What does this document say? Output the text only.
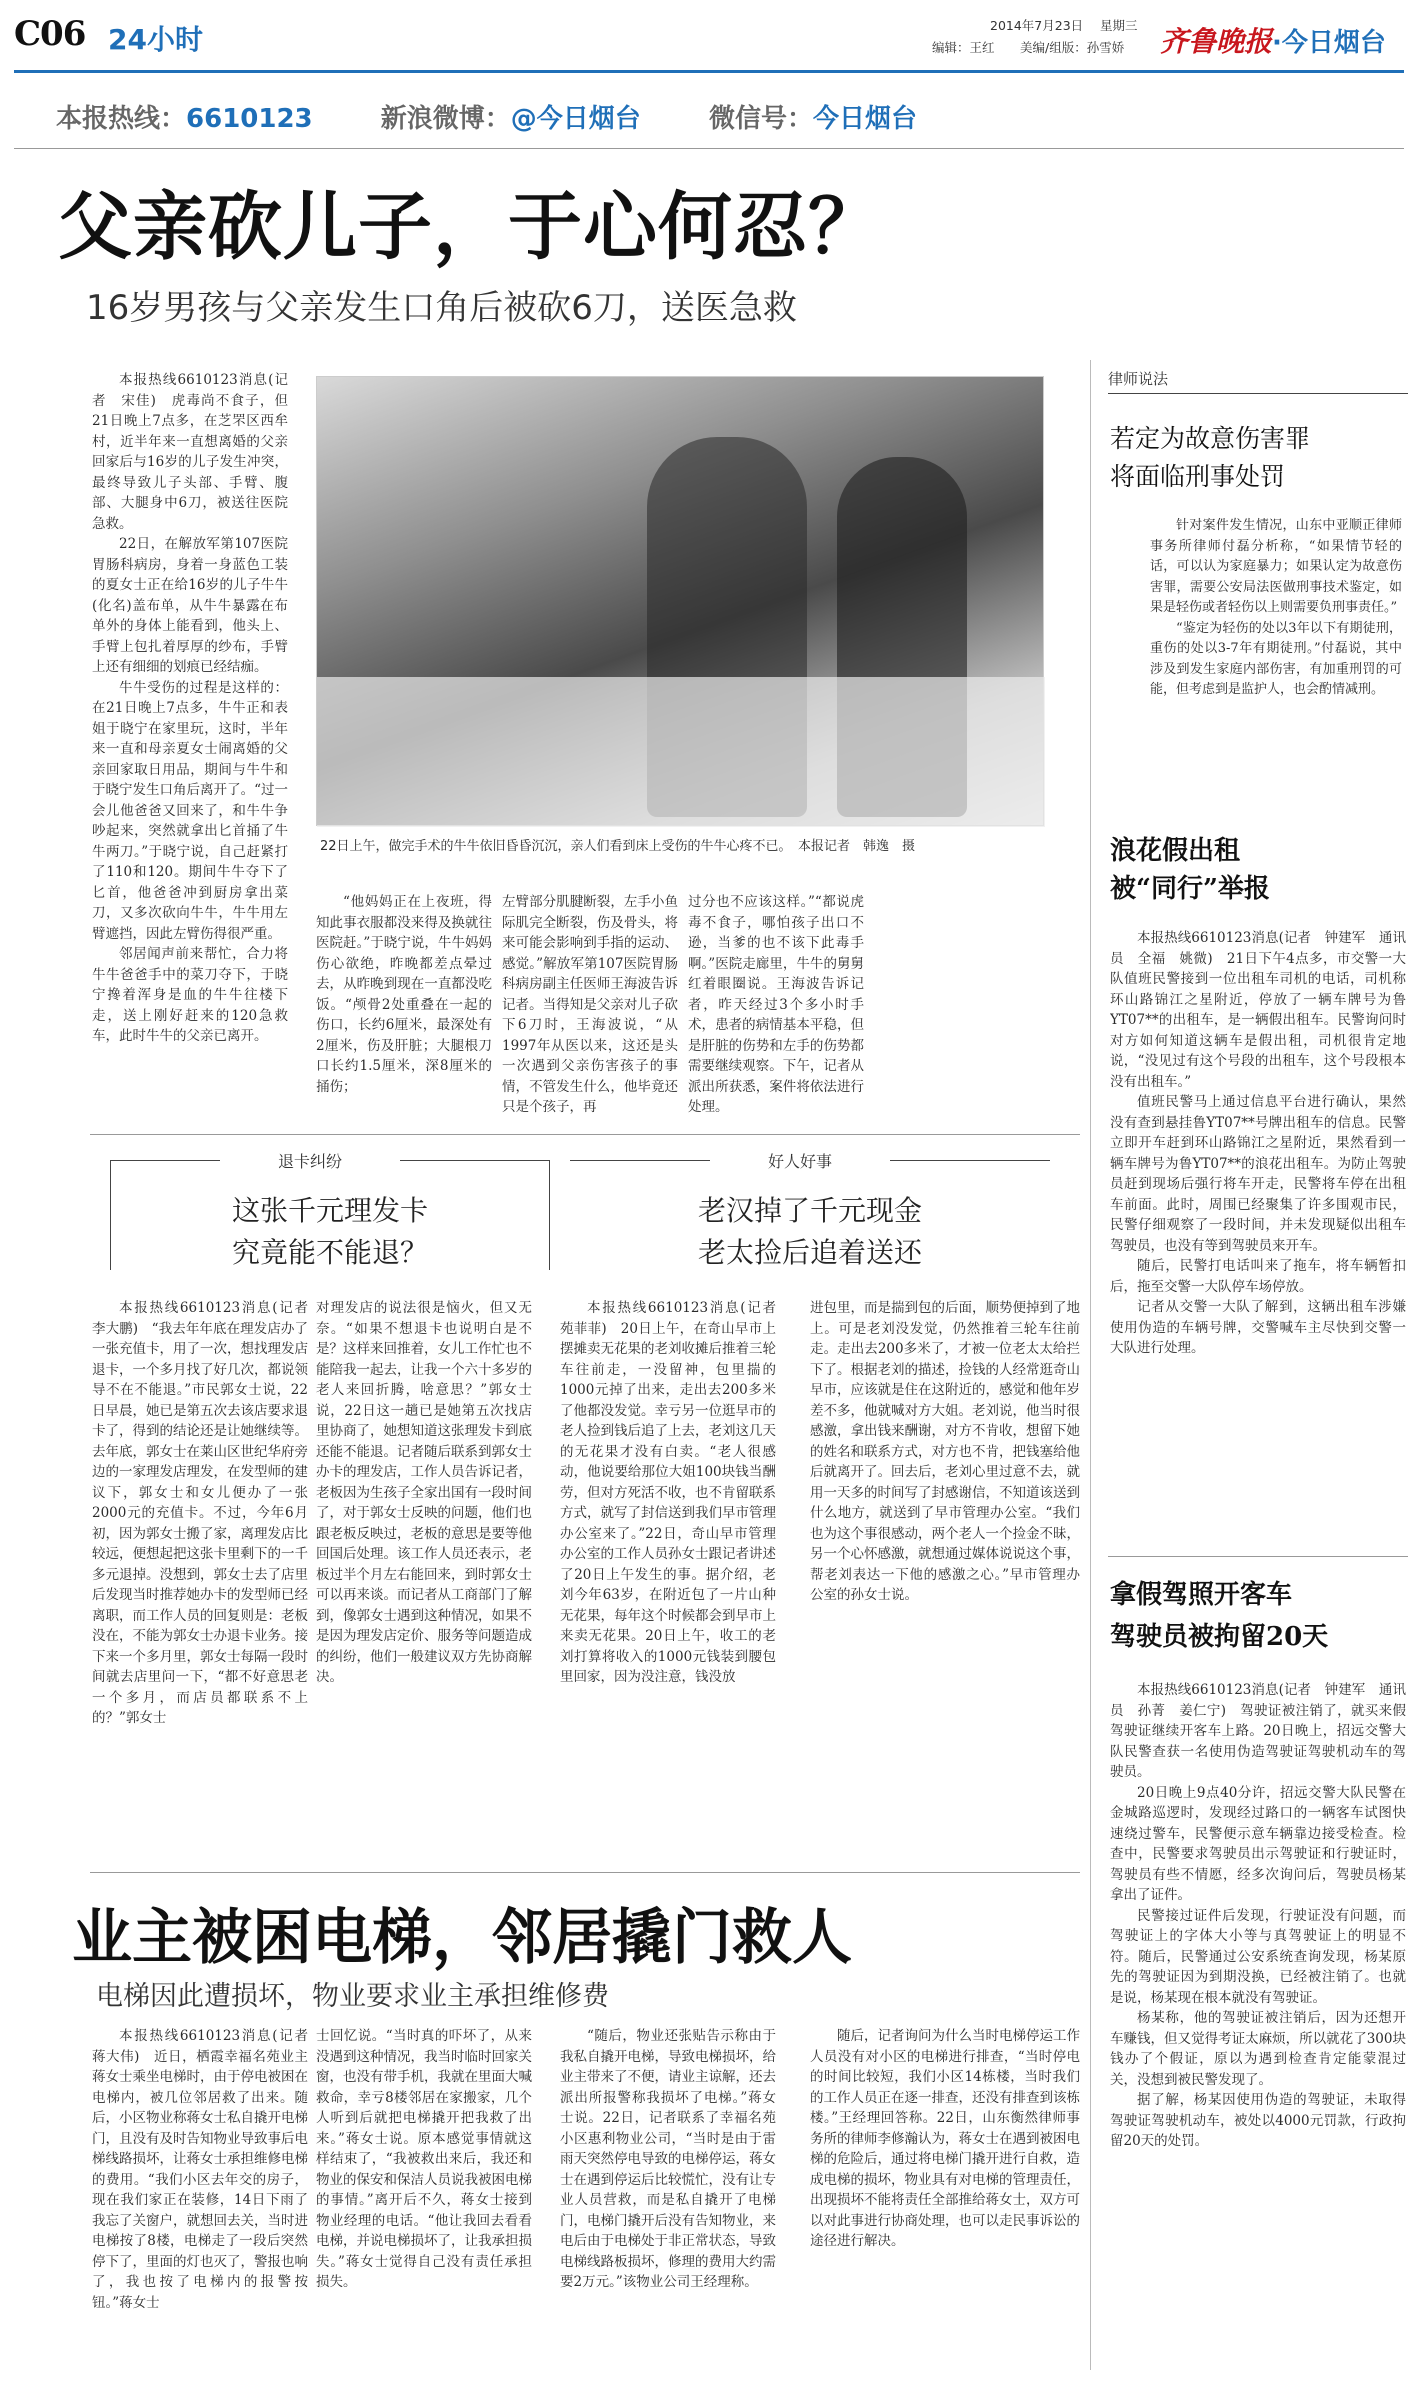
C06 24小时	2014年7月23日 星期三
编辑：王红 美编/组版：孙雪娇 齐鲁晚报 ·今日烟台
本报热线：6610123	新浪微博：@今日烟台	微信号：今日烟台
父亲砍儿子，于心何忍？
16岁男孩与父亲发生口角后被砍6刀，送医急救

本报热线6610123消息(记者　宋佳)　虎毒尚不食子，但21日晚上7点多，在芝罘区西牟村，近半年来一直想离婚的父亲回家后与16岁的儿子发生冲突，最终导致儿子头部、手臂、腹部、大腿身中6刀，被送往医院急救。

22日，在解放军第107医院胃肠科病房，身着一身蓝色工装的夏女士正在给16岁的儿子牛牛(化名)盖布单，从牛牛暴露在布单外的身体上能看到，他头上、手臂上包扎着厚厚的纱布，手臂上还有细细的划痕已经结痂。

牛牛受伤的过程是这样的：在21日晚上7点多，牛牛正和表姐于晓宁在家里玩，这时，半年来一直和母亲夏女士闹离婚的父亲回家取日用品，期间与牛牛和于晓宁发生口角后离开了。“过一会儿他爸爸又回来了，和牛牛争吵起来，突然就拿出匕首捅了牛牛两刀。”于晓宁说，自己赶紧打了110和120。期间牛牛夺下了匕首，他爸爸冲到厨房拿出菜刀，又多次砍向牛牛，牛牛用左臂遮挡，因此左臂伤得很严重。

邻居闻声前来帮忙，合力将牛牛爸爸手中的菜刀夺下，于晓宁搀着浑身是血的牛牛往楼下走，送上刚好赶来的120急救车，此时牛牛的父亲已离开。

22日上午，做完手术的牛牛依旧昏昏沉沉，亲人们看到床上受伤的牛牛心疼不已。　本报记者　韩逸　摄

“他妈妈正在上夜班，得知此事衣服都没来得及换就往医院赶。”于晓宁说，牛牛妈妈伤心欲绝，昨晚都差点晕过去，从昨晚到现在一直都没吃饭。“颅骨2处重叠在一起的伤口，长约6厘米，最深处有2厘米，伤及肝脏；大腿根刀口长约1.5厘米，深8厘米的捅伤；

左臂部分肌腱断裂，左手小鱼际肌完全断裂，伤及骨头，将来可能会影响到手指的运动、感觉。”解放军第107医院胃肠科病房副主任医师王海波告诉记者。当得知是父亲对儿子砍下6刀时，王海波说，“从1997年从医以来，这还是头一次遇到父亲伤害孩子的事情，不管发生什么，他毕竟还只是个孩子，再

过分也不应该这样。”“都说虎毒不食子，哪怕孩子出口不逊，当爹的也不该下此毒手啊。”医院走廊里，牛牛的舅舅红着眼圈说。王海波告诉记者，昨天经过3个多小时手术，患者的病情基本平稳，但是肝脏的伤势和左手的伤势都需要继续观察。下午，记者从派出所获悉，案件将依法进行处理。

律师说法
若定为故意伤害罪
将面临刑事处罚

针对案件发生情况，山东中亚顺正律师事务所律师付磊分析称，“如果情节轻的话，可以认为家庭暴力；如果认定为故意伤害罪，需要公安局法医做刑事技术鉴定，如果是轻伤或者轻伤以上则需要负刑事责任。”

“鉴定为轻伤的处以3年以下有期徒刑，重伤的处以3-7年有期徒刑。”付磊说，其中涉及到发生家庭内部伤害，有加重刑罚的可能，但考虑到是监护人，也会酌情减刑。

浪花假出租
被“同行”举报

本报热线6610123消息(记者　钟建军　通讯员　全福　姚微)　21日下午4点多，市交警一大队值班民警接到一位出租车司机的电话，司机称环山路锦江之星附近，停放了一辆车牌号为鲁YT07**的出租车，是一辆假出租车。民警询问时对方如何知道这辆车是假出租，司机很肯定地说，“没见过有这个号段的出租车，这个号段根本没有出租车。”

值班民警马上通过信息平台进行确认，果然没有查到悬挂鲁YT07**号牌出租车的信息。民警立即开车赶到环山路锦江之星附近，果然看到一辆车牌号为鲁YT07**的浪花出租车。为防止驾驶员赶到现场后强行将车开走，民警将车停在出租车前面。此时，周围已经聚集了许多围观市民，民警仔细观察了一段时间，并未发现疑似出租车驾驶员，也没有等到驾驶员来开车。

随后，民警打电话叫来了拖车，将车辆暂扣后，拖至交警一大队停车场停放。

记者从交警一大队了解到，这辆出租车涉嫌使用伪造的车辆号牌，交警喊车主尽快到交警一大队进行处理。

拿假驾照开客车
驾驶员被拘留20天

本报热线6610123消息(记者　钟建军　通讯员　孙菁　姜仁宁)　驾驶证被注销了，就买来假驾驶证继续开客车上路。20日晚上，招远交警大队民警查获一名使用伪造驾驶证驾驶机动车的驾驶员。

20日晚上9点40分许，招远交警大队民警在金城路巡逻时，发现经过路口的一辆客车试图快速绕过警车，民警便示意车辆靠边接受检查。检查中，民警要求驾驶员出示驾驶证和行驶证时，驾驶员有些不情愿，经多次询问后，驾驶员杨某拿出了证件。

民警接过证件后发现，行驶证没有问题，而驾驶证上的字体大小等与真驾驶证上的明显不符。随后，民警通过公安系统查询发现，杨某原先的驾驶证因为到期没换，已经被注销了。也就是说，杨某现在根本就没有驾驶证。

杨某称，他的驾驶证被注销后，因为还想开车赚钱，但又觉得考证太麻烦，所以就花了300块钱办了个假证，原以为遇到检查肯定能蒙混过关，没想到被民警发现了。

据了解，杨某因使用伪造的驾驶证，未取得驾驶证驾驶机动车，被处以4000元罚款，行政拘留20天的处罚。

退卡纠纷
这张千元理发卡
究竟能不能退？

本报热线6610123消息(记者　李大鹏)　“我去年年底在理发店办了一张充值卡，用了一次，想找理发店退卡，一个多月找了好几次，都说领导不在不能退。”市民郭女士说，22日早晨，她已是第五次去该店要求退卡了，得到的结论还是让她继续等。去年底，郭女士在莱山区世纪华府旁边的一家理发店理发，在发型师的建议下，郭女士和女儿便办了一张2000元的充值卡。不过，今年6月初，因为郭女士搬了家，离理发店比较远，便想起把这张卡里剩下的一千多元退掉。没想到，郭女士去了店里后发现当时推荐她办卡的发型师已经离职，而工作人员的回复则是：老板没在，不能为郭女士办退卡业务。接下来一个多月里，郭女士每隔一段时间就去店里问一下，“都不好意思老一个多月，而店员都联系不上的？”郭女士

对理发店的说法很是恼火，但又无奈。“如果不想退卡也说明白是不是？这样来回推着，女儿工作忙也不能陪我一起去，让我一个六十多岁的老人来回折腾，啥意思？”郭女士说，22日这一趟已是她第五次找店里协商了，她想知道这张理发卡到底还能不能退。记者随后联系到郭女士办卡的理发店，工作人员告诉记者，老板因为生孩子全家出国有一段时间了，对于郭女士反映的问题，他们也跟老板反映过，老板的意思是要等他回国后处理。该工作人员还表示，老板过半个月左右能回来，到时郭女士可以再来谈。而记者从工商部门了解到，像郭女士遇到这种情况，如果不是因为理发店定价、服务等问题造成的纠纷，他们一般建议双方先协商解决。

好人好事
老汉掉了千元现金
老太捡后追着送还

本报热线6610123消息(记者　苑菲菲)　20日上午，在奇山早市上摆摊卖无花果的老刘收摊后推着三轮车往前走，一没留神，包里揣的1000元掉了出来，走出去200多米了他都没发觉。幸亏另一位逛早市的老人捡到钱后追了上去，老刘这几天的无花果才没有白卖。“老人很感动，他说要给那位大姐100块钱当酬劳，但对方死活不收，也不肯留联系方式，就写了封信送到我们早市管理办公室来了。”22日，奇山早市管理办公室的工作人员孙女士跟记者讲述了20日上午发生的事。据介绍，老刘今年63岁，在附近包了一片山种无花果，每年这个时候都会到早市上来卖无花果。20日上午，收工的老刘打算将收入的1000元钱装到腰包里回家，因为没注意，钱没放

进包里，而是揣到包的后面，顺势便掉到了地上。可是老刘没发觉，仍然推着三轮车往前走。走出去200多米了，才被一位老太太给拦下了。根据老刘的描述，捡钱的人经常逛奇山早市，应该就是住在这附近的，感觉和他年岁差不多，他就喊对方大姐。老刘说，他当时很感激，拿出钱来酬谢，对方不肯收，想留下她的姓名和联系方式，对方也不肯，把钱塞给他后就离开了。回去后，老刘心里过意不去，就用一天多的时间写了封感谢信，不知道该送到什么地方，就送到了早市管理办公室。“我们也为这个事很感动，两个老人一个捡金不昧，另一个心怀感激，就想通过媒体说说这个事，帮老刘表达一下他的感激之心。”早市管理办公室的孙女士说。

业主被困电梯，邻居撬门救人
电梯因此遭损坏，物业要求业主承担维修费

本报热线6610123消息(记者　蒋大伟)　近日，栖霞幸福名苑业主蒋女士乘坐电梯时，由于停电被困在电梯内，被几位邻居救了出来。随后，小区物业称蒋女士私自撬开电梯门，且没有及时告知物业导致事后电梯线路损坏，让蒋女士承担维修电梯的费用。“我们小区去年交的房子，现在我们家正在装修，14日下雨了我忘了关窗户，就想回去关，当时进电梯按了8楼，电梯走了一段后突然停下了，里面的灯也灭了，警报也响了，我也按了电梯内的报警按钮。”蒋女士

士回忆说。“当时真的吓坏了，从来没遇到这种情况，我当时临时回家关窗，也没有带手机，我就在里面大喊救命，幸亏8楼邻居在家搬家，几个人听到后就把电梯撬开把我救了出来。”蒋女士说。原本感觉事情就这样结束了，“我被救出来后，我还和物业的保安和保洁人员说我被困电梯的事情。”离开后不久，蒋女士接到物业经理的电话。“他让我回去看看电梯，并说电梯损坏了，让我承担损失。”蒋女士觉得自己没有责任承担损失。

“随后，物业还张贴告示称由于我私自撬开电梯，导致电梯损坏，给业主带来了不便，请业主谅解，还去派出所报警称我损坏了电梯。”蒋女士说。22日，记者联系了幸福名苑小区惠利物业公司，“当时是由于雷雨天突然停电导致的电梯停运，蒋女士在遇到停运后比较慌忙，没有让专业人员营救，而是私自撬开了电梯门，电梯门撬开后没有告知物业，来电后由于电梯处于非正常状态，导致电梯线路板损坏，修理的费用大约需要2万元。”该物业公司王经理称。

随后，记者询问为什么当时电梯停运工作人员没有对小区的电梯进行排查，“当时停电的时间比较短，我们小区14栋楼，当时我们的工作人员正在逐一排查，还没有排查到该栋楼。”王经理回答称。22日，山东衡然律师事务所的律师李修瀚认为，蒋女士在遇到被困电梯的危险后，通过将电梯门撬开进行自救，造成电梯的损坏，物业具有对电梯的管理责任，出现损坏不能将责任全部推给蒋女士，双方可以对此事进行协商处理，也可以走民事诉讼的途径进行解决。
